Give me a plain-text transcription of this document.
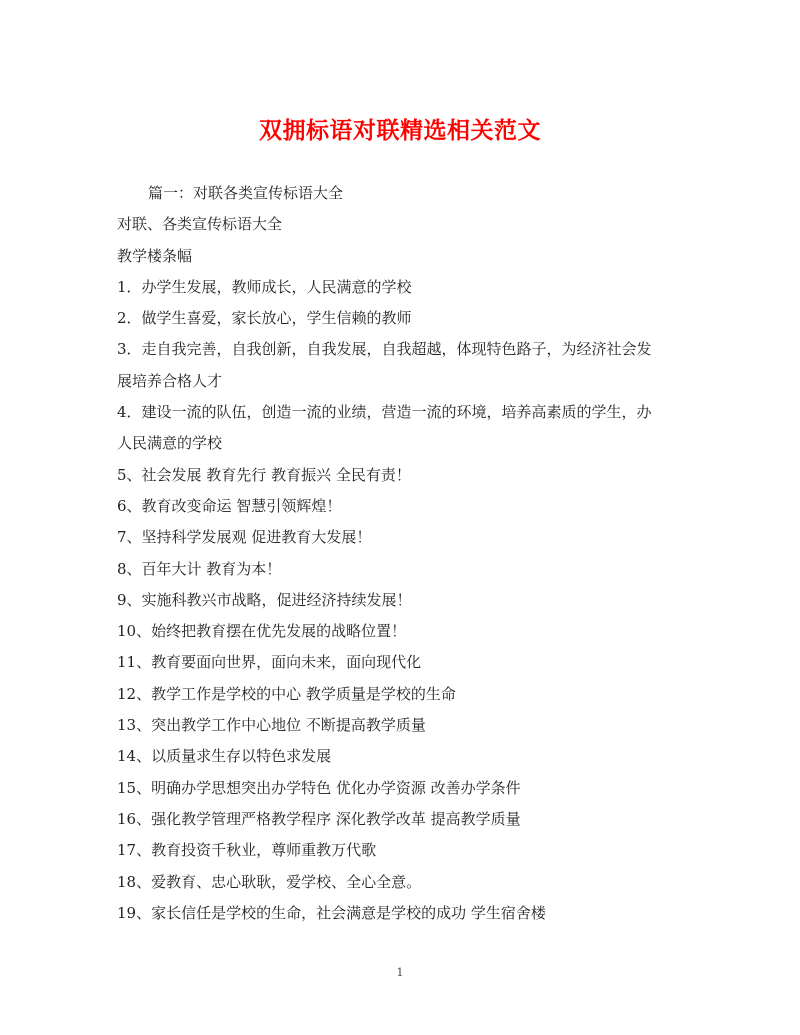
双拥标语对联精选相关范文
篇一：对联各类宣传标语大全
对联、各类宣传标语大全
教学楼条幅
1．办学生发展，教师成长，人民满意的学校
2．做学生喜爱，家长放心，学生信赖的教师
3．走自我完善，自我创新，自我发展，自我超越，体现特色路子，为经济社会发
展培养合格人才
4．建设一流的队伍，创造一流的业绩，营造一流的环境，培养高素质的学生，办
人民满意的学校
5、社会发展 教育先行 教育振兴 全民有责！
6、教育改变命运 智慧引领辉煌！
7、坚持科学发展观 促进教育大发展！
8、百年大计 教育为本！
9、实施科教兴市战略，促进经济持续发展！
10、始终把教育摆在优先发展的战略位置！
11、教育要面向世界，面向未来，面向现代化
12、教学工作是学校的中心 教学质量是学校的生命
13、突出教学工作中心地位 不断提高教学质量
14、以质量求生存以特色求发展
15、明确办学思想突出办学特色 优化办学资源 改善办学条件
16、强化教学管理严格教学程序 深化教学改革 提高教学质量
17、教育投资千秋业，尊师重教万代歌
18、爱教育、忠心耿耿，爱学校、全心全意。
19、家长信任是学校的生命，社会满意是学校的成功 学生宿舍楼
1
